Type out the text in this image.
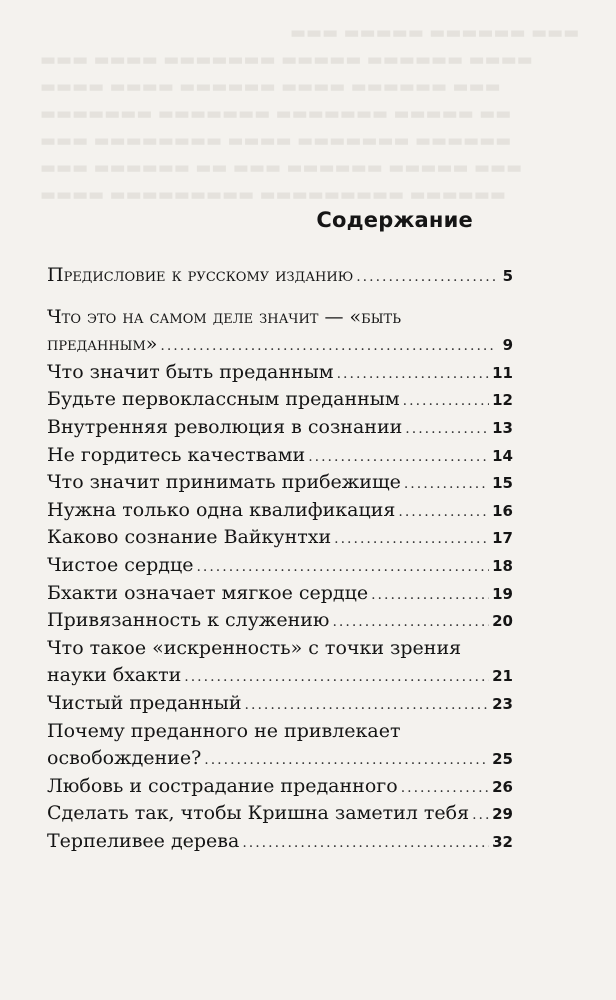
▬▬▬ ▬▬▬▬▬ ▬▬▬▬▬▬ ▬▬▬
▬▬▬ ▬▬▬▬ ▬▬▬▬▬▬▬ ▬▬▬▬▬ ▬▬▬▬▬▬ ▬▬▬▬
▬▬▬▬ ▬▬▬▬ ▬▬▬▬▬▬ ▬▬▬▬ ▬▬▬▬▬▬ ▬▬▬
▬▬▬▬▬▬▬ ▬▬▬▬▬▬▬ ▬▬▬▬▬▬▬ ▬▬▬▬▬ ▬▬
▬▬▬ ▬▬▬▬▬▬▬▬ ▬▬▬▬ ▬▬▬▬▬▬▬ ▬▬▬▬▬▬
▬▬▬ ▬▬▬▬▬▬ ▬▬ ▬▬▬ ▬▬▬▬▬▬ ▬▬▬▬▬ ▬▬▬
▬▬▬▬ ▬▬▬▬▬▬▬▬▬ ▬▬▬▬▬▬▬▬▬ ▬▬▬▬▬▬
Содержание
Предисловие к русскому изданию .....	5
Что это на самом деле значит — «быть
преданным» .....	9
Что значит быть преданным .....	11
Будьте первоклассным преданным .....	12
Внутренняя революция в сознании .....	13
Не гордитесь качествами .....	14
Что значит принимать прибежище .....	15
Нужна только одна квалификация .....	16
Каково сознание Вайкунтхи .....	17
Чистое сердце .....	18
Бхакти означает мягкое сердце .....	19
Привязанность к служению .....	20
Что такое «искренность» с точки зрения
науки бхакти .....	21
Чистый преданный .....	23
Почему преданного не привлекает
освобождение? .....	25
Любовь и сострадание преданного .....	26
Сделать так, чтобы Кришна заметил тебя ..... 29
Терпеливее дерева .....	32
